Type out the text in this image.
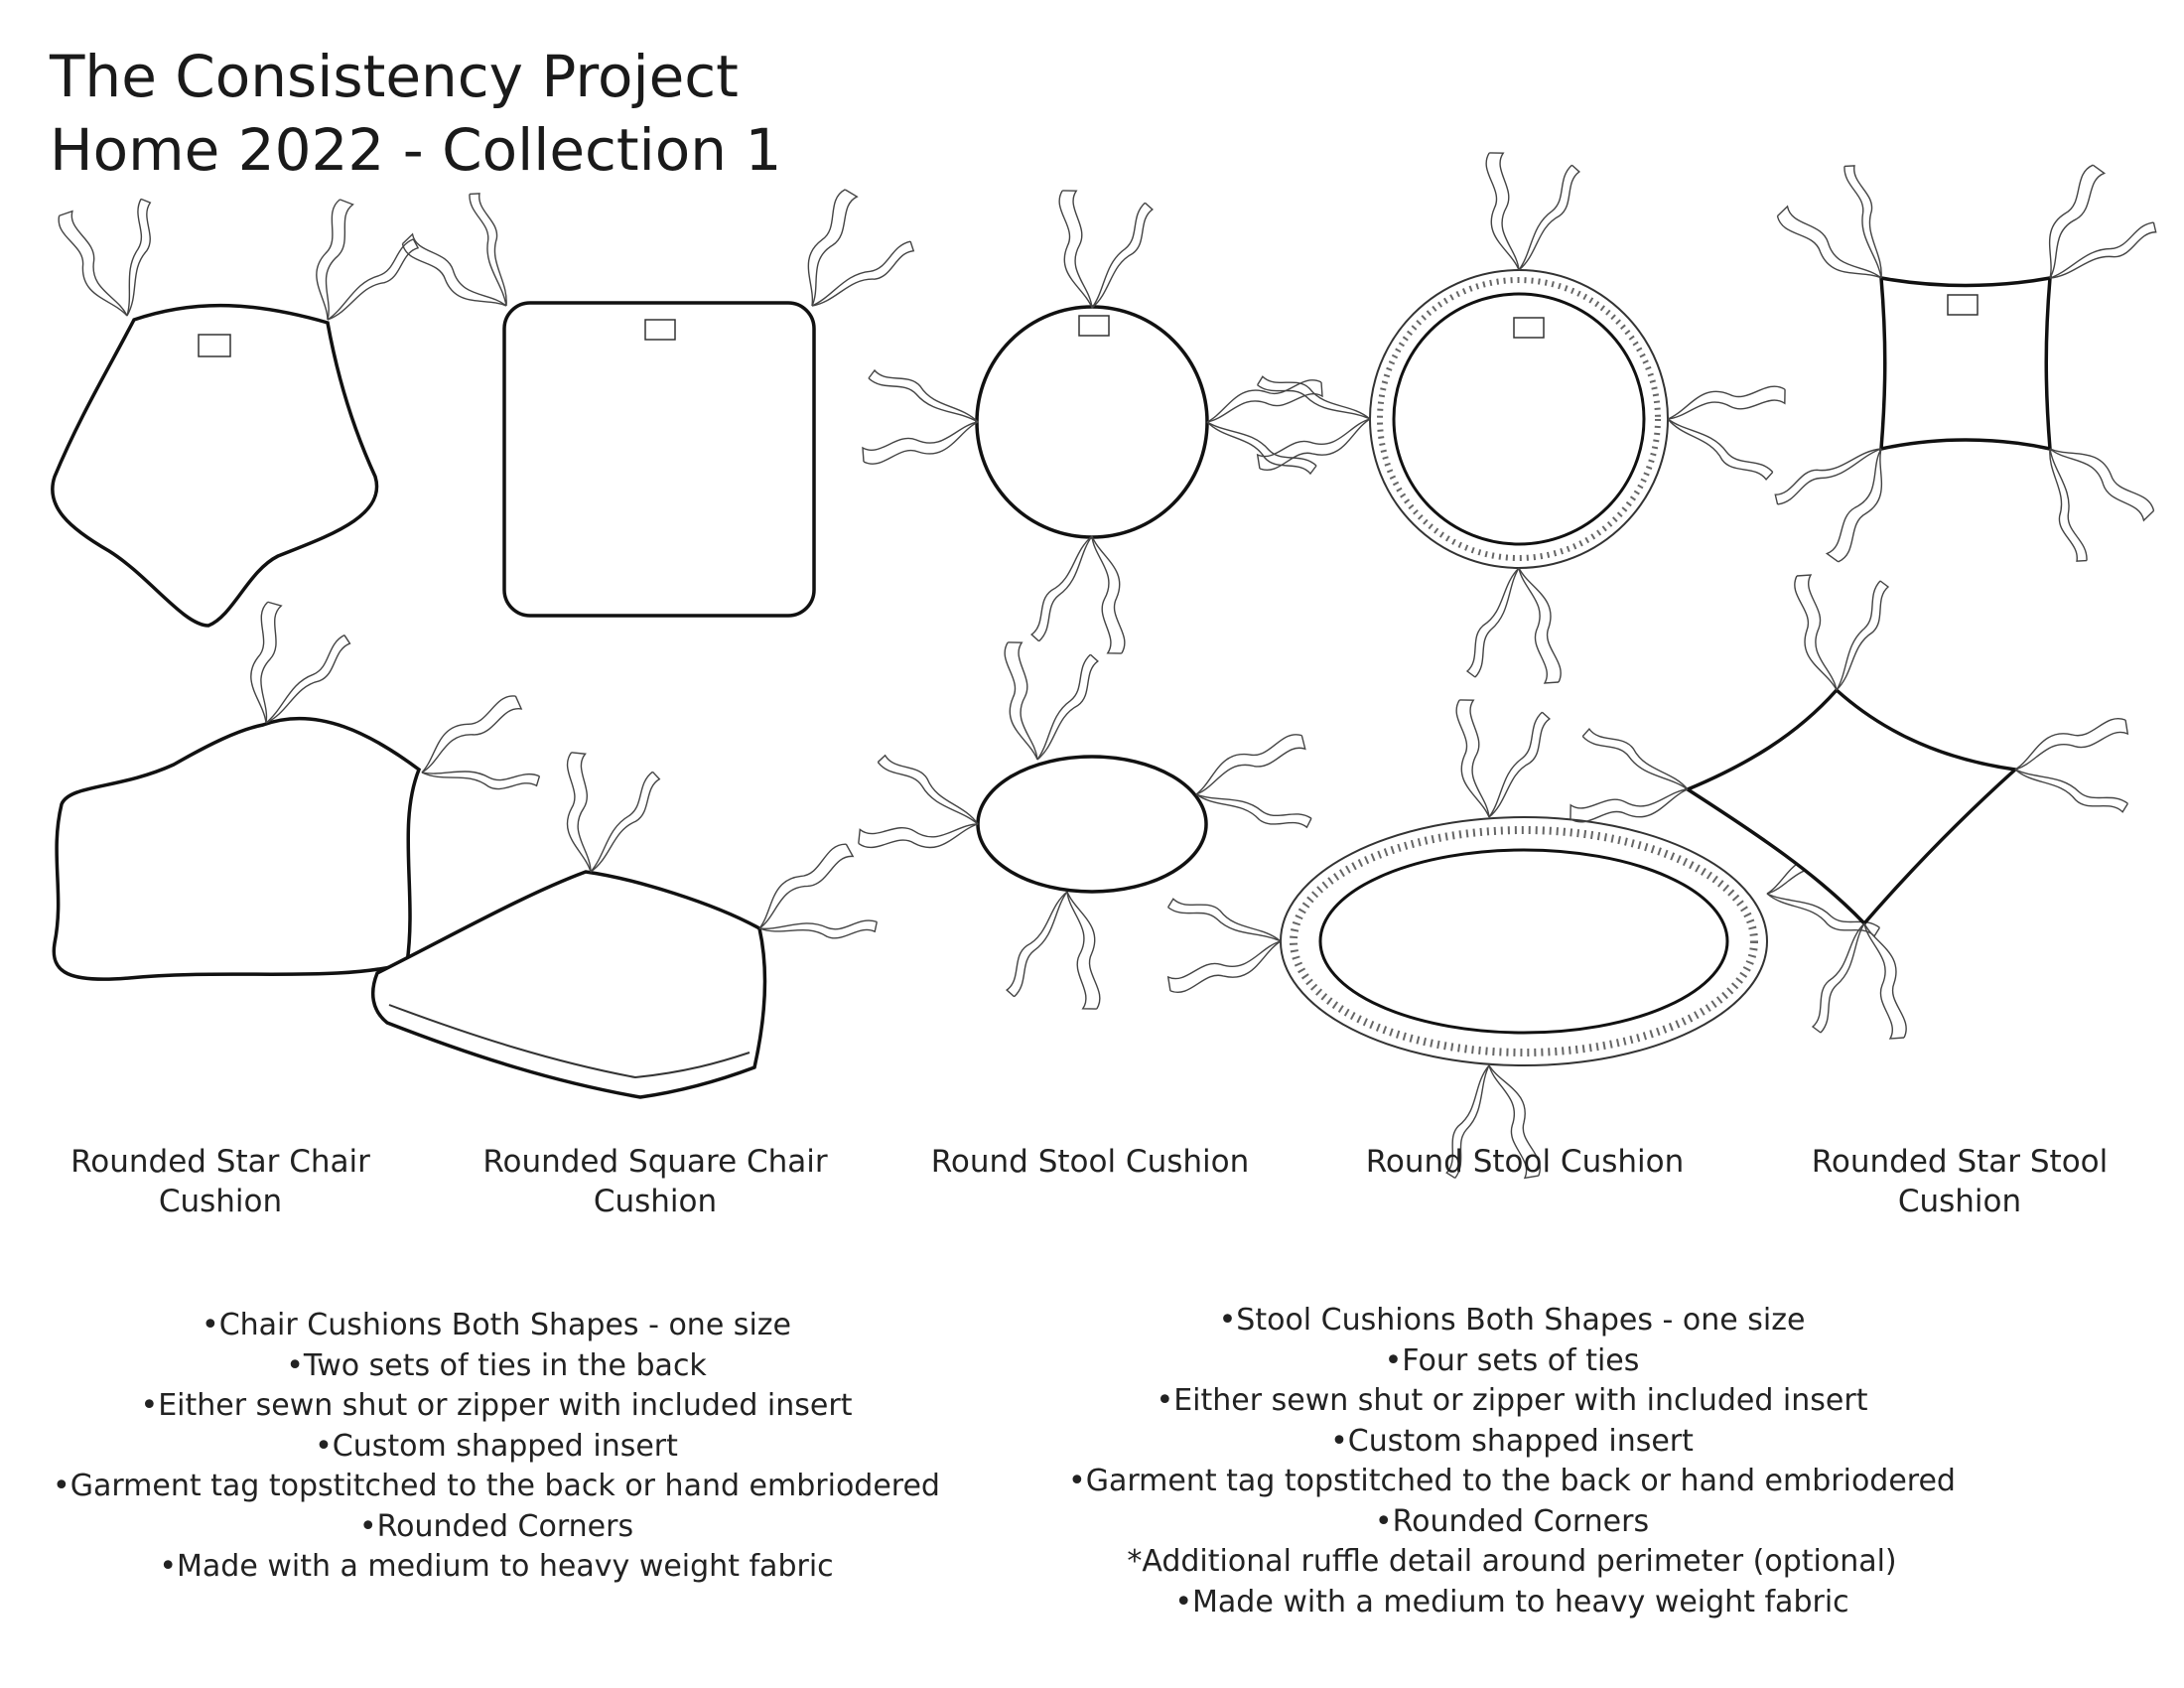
The Consistency Project
Home 2022 - Collection 1
Rounded Star Chair
Cushion
Rounded Square Chair
Cushion
Round Stool Cushion	Round Stool Cushion	Rounded Star Stool
Cushion
•Chair Cushions Both Shapes - one size
•Two sets of ties in the back
•Either sewn shut or zipper with included insert
•Custom shapped insert
•Garment tag topstitched to the back or hand embriodered
•Rounded Corners
•Made with a medium to heavy weight fabric
•Stool Cushions Both Shapes - one size
•Four sets of ties
•Either sewn shut or zipper with included insert
•Custom shapped insert
•Garment tag topstitched to the back or hand embriodered
•Rounded Corners
*Additional ruffle detail around perimeter (optional)
•Made with a medium to heavy weight fabric
